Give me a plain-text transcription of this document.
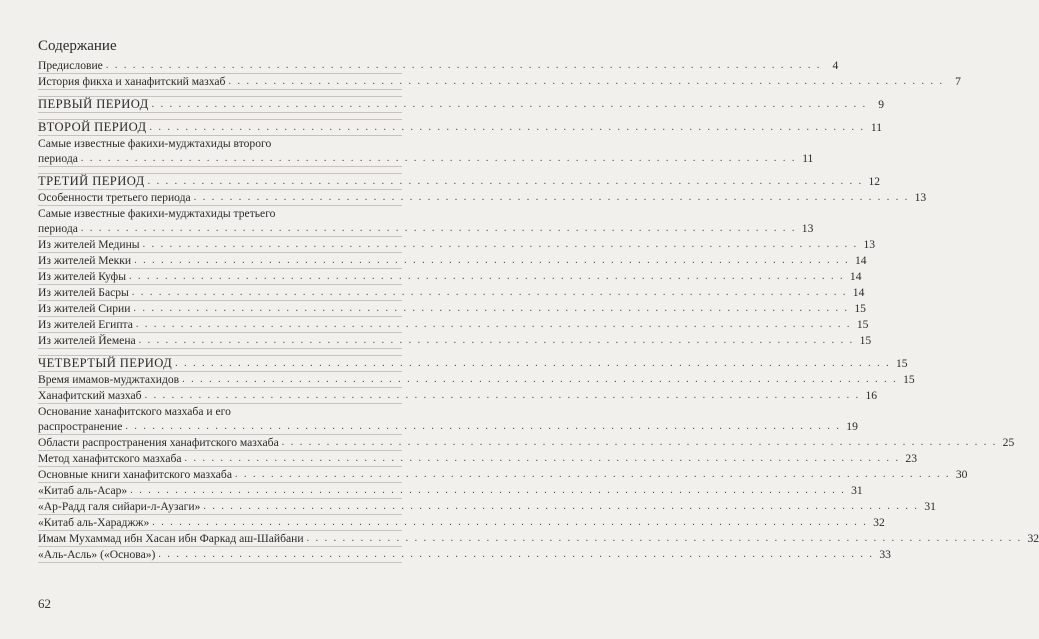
Содержание
Предисловие . . . . . . . . . . . . . . . . . . . . . . . . . . . . . . . . . . . . . . . . . . . . . . . . . . . . . . . . . . . . . . . . . . . . . . . . . . . . . . . . 4
История фикха и ханафитский мазхаб . . . . . . . . . . . . . . . . . . . . . . . . . . . . . . . . . . . . . . . . . . . . . . . . . . . . . . . . . . . . . . . . . . . . . . . . . . . . . . . . 7
ПЕРВЫЙ ПЕРИОД . . . . . . . . . . . . . . . . . . . . . . . . . . . . . . . . . . . . . . . . . . . . . . . . . . . . . . . . . . . . . . . . . . . . . . . . . . . . . . . . 9
ВТОРОЙ ПЕРИОД . . . . . . . . . . . . . . . . . . . . . . . . . . . . . . . . . . . . . . . . . . . . . . . . . . . . . . . . . . . . . . . . . . . . . . . . . . . . . . . . 11
Самые известные факихи-муджтахиды второго
периода . . . . . . . . . . . . . . . . . . . . . . . . . . . . . . . . . . . . . . . . . . . . . . . . . . . . . . . . . . . . . . . . . . . . . . . . . . . . . . . . 11
ТРЕТИЙ ПЕРИОД . . . . . . . . . . . . . . . . . . . . . . . . . . . . . . . . . . . . . . . . . . . . . . . . . . . . . . . . . . . . . . . . . . . . . . . . . . . . . . . . 12
Особенности третьего периода . . . . . . . . . . . . . . . . . . . . . . . . . . . . . . . . . . . . . . . . . . . . . . . . . . . . . . . . . . . . . . . . . . . . . . . . . . . . . . . . 13
Самые известные факихи-муджтахиды третьего
периода . . . . . . . . . . . . . . . . . . . . . . . . . . . . . . . . . . . . . . . . . . . . . . . . . . . . . . . . . . . . . . . . . . . . . . . . . . . . . . . . 13
Из жителей Медины . . . . . . . . . . . . . . . . . . . . . . . . . . . . . . . . . . . . . . . . . . . . . . . . . . . . . . . . . . . . . . . . . . . . . . . . . . . . . . . . 13
Из жителей Мекки . . . . . . . . . . . . . . . . . . . . . . . . . . . . . . . . . . . . . . . . . . . . . . . . . . . . . . . . . . . . . . . . . . . . . . . . . . . . . . . . 14
Из жителей Куфы . . . . . . . . . . . . . . . . . . . . . . . . . . . . . . . . . . . . . . . . . . . . . . . . . . . . . . . . . . . . . . . . . . . . . . . . . . . . . . . . 14
Из жителей Басры . . . . . . . . . . . . . . . . . . . . . . . . . . . . . . . . . . . . . . . . . . . . . . . . . . . . . . . . . . . . . . . . . . . . . . . . . . . . . . . . 14
Из жителей Сирии . . . . . . . . . . . . . . . . . . . . . . . . . . . . . . . . . . . . . . . . . . . . . . . . . . . . . . . . . . . . . . . . . . . . . . . . . . . . . . . . 15
Из жителей Египта . . . . . . . . . . . . . . . . . . . . . . . . . . . . . . . . . . . . . . . . . . . . . . . . . . . . . . . . . . . . . . . . . . . . . . . . . . . . . . . . 15
Из жителей Йемена . . . . . . . . . . . . . . . . . . . . . . . . . . . . . . . . . . . . . . . . . . . . . . . . . . . . . . . . . . . . . . . . . . . . . . . . . . . . . . . . 15
ЧЕТВЕРТЫЙ ПЕРИОД . . . . . . . . . . . . . . . . . . . . . . . . . . . . . . . . . . . . . . . . . . . . . . . . . . . . . . . . . . . . . . . . . . . . . . . . . . . . . . . . 15
Время имамов-муджтахидов . . . . . . . . . . . . . . . . . . . . . . . . . . . . . . . . . . . . . . . . . . . . . . . . . . . . . . . . . . . . . . . . . . . . . . . . . . . . . . . . 15
Ханафитский мазхаб . . . . . . . . . . . . . . . . . . . . . . . . . . . . . . . . . . . . . . . . . . . . . . . . . . . . . . . . . . . . . . . . . . . . . . . . . . . . . . . . 16
Основание ханафитского мазхаба и его
распространение . . . . . . . . . . . . . . . . . . . . . . . . . . . . . . . . . . . . . . . . . . . . . . . . . . . . . . . . . . . . . . . . . . . . . . . . . . . . . . . . 19
Области распространения ханафитского мазхаба . . . . . . . . . . . . . . . . . . . . . . . . . . . . . . . . . . . . . . . . . . . . . . . . . . . . . . . . . . . . . . . . . . . . . . . . . . . . . . . . 25
Метод ханафитского мазхаба . . . . . . . . . . . . . . . . . . . . . . . . . . . . . . . . . . . . . . . . . . . . . . . . . . . . . . . . . . . . . . . . . . . . . . . . . . . . . . . . 23
Основные книги ханафитского мазхаба . . . . . . . . . . . . . . . . . . . . . . . . . . . . . . . . . . . . . . . . . . . . . . . . . . . . . . . . . . . . . . . . . . . . . . . . . . . . . . . . 30
«Китаб аль-Асар» . . . . . . . . . . . . . . . . . . . . . . . . . . . . . . . . . . . . . . . . . . . . . . . . . . . . . . . . . . . . . . . . . . . . . . . . . . . . . . . . 31
«Ар-Радд галя сийари-л-Аузаги» . . . . . . . . . . . . . . . . . . . . . . . . . . . . . . . . . . . . . . . . . . . . . . . . . . . . . . . . . . . . . . . . . . . . . . . . . . . . . . . . 31
«Китаб аль-Хараджж» . . . . . . . . . . . . . . . . . . . . . . . . . . . . . . . . . . . . . . . . . . . . . . . . . . . . . . . . . . . . . . . . . . . . . . . . . . . . . . . . 32
Имам Мухаммад ибн Хасан ибн Фаркад аш-Шайбани . . . . . . . . . . . . . . . . . . . . . . . . . . . . . . . . . . . . . . . . . . . . . . . . . . . . . . . . . . . . . . . . . . . . . . . . . . . . . . . . 32
«Аль-Асль» («Основа») . . . . . . . . . . . . . . . . . . . . . . . . . . . . . . . . . . . . . . . . . . . . . . . . . . . . . . . . . . . . . . . . . . . . . . . . . . . . . . . . 33
62
